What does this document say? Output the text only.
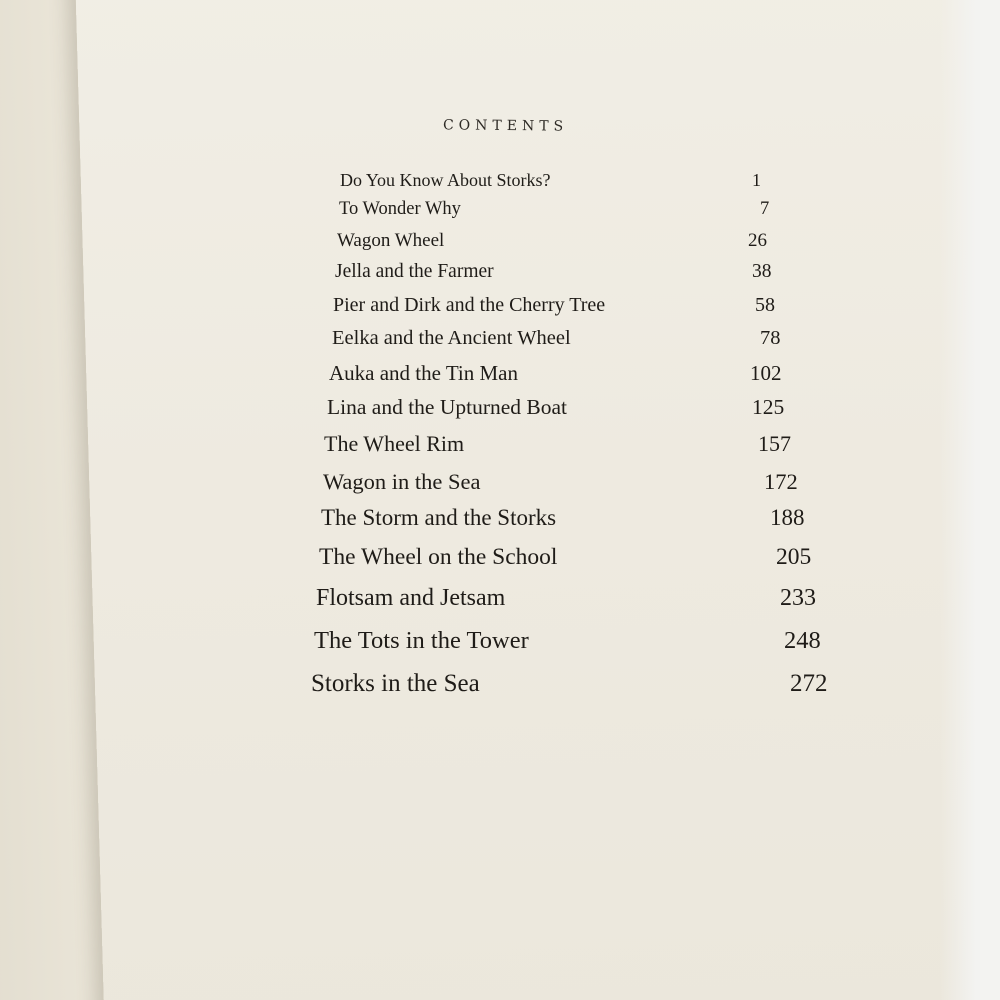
CONTENTS
Do You Know About Storks?	1
To Wonder Why	7
Wagon Wheel	26
Jella and the Farmer	38
Pier and Dirk and the Cherry Tree	58
Eelka and the Ancient Wheel	78
Auka and the Tin Man	102
Lina and the Upturned Boat	125
The Wheel Rim	157
Wagon in the Sea	172
The Storm and the Storks	188
The Wheel on the School	205
Flotsam and Jetsam	233
The Tots in the Tower	248
Storks in the Sea	272
